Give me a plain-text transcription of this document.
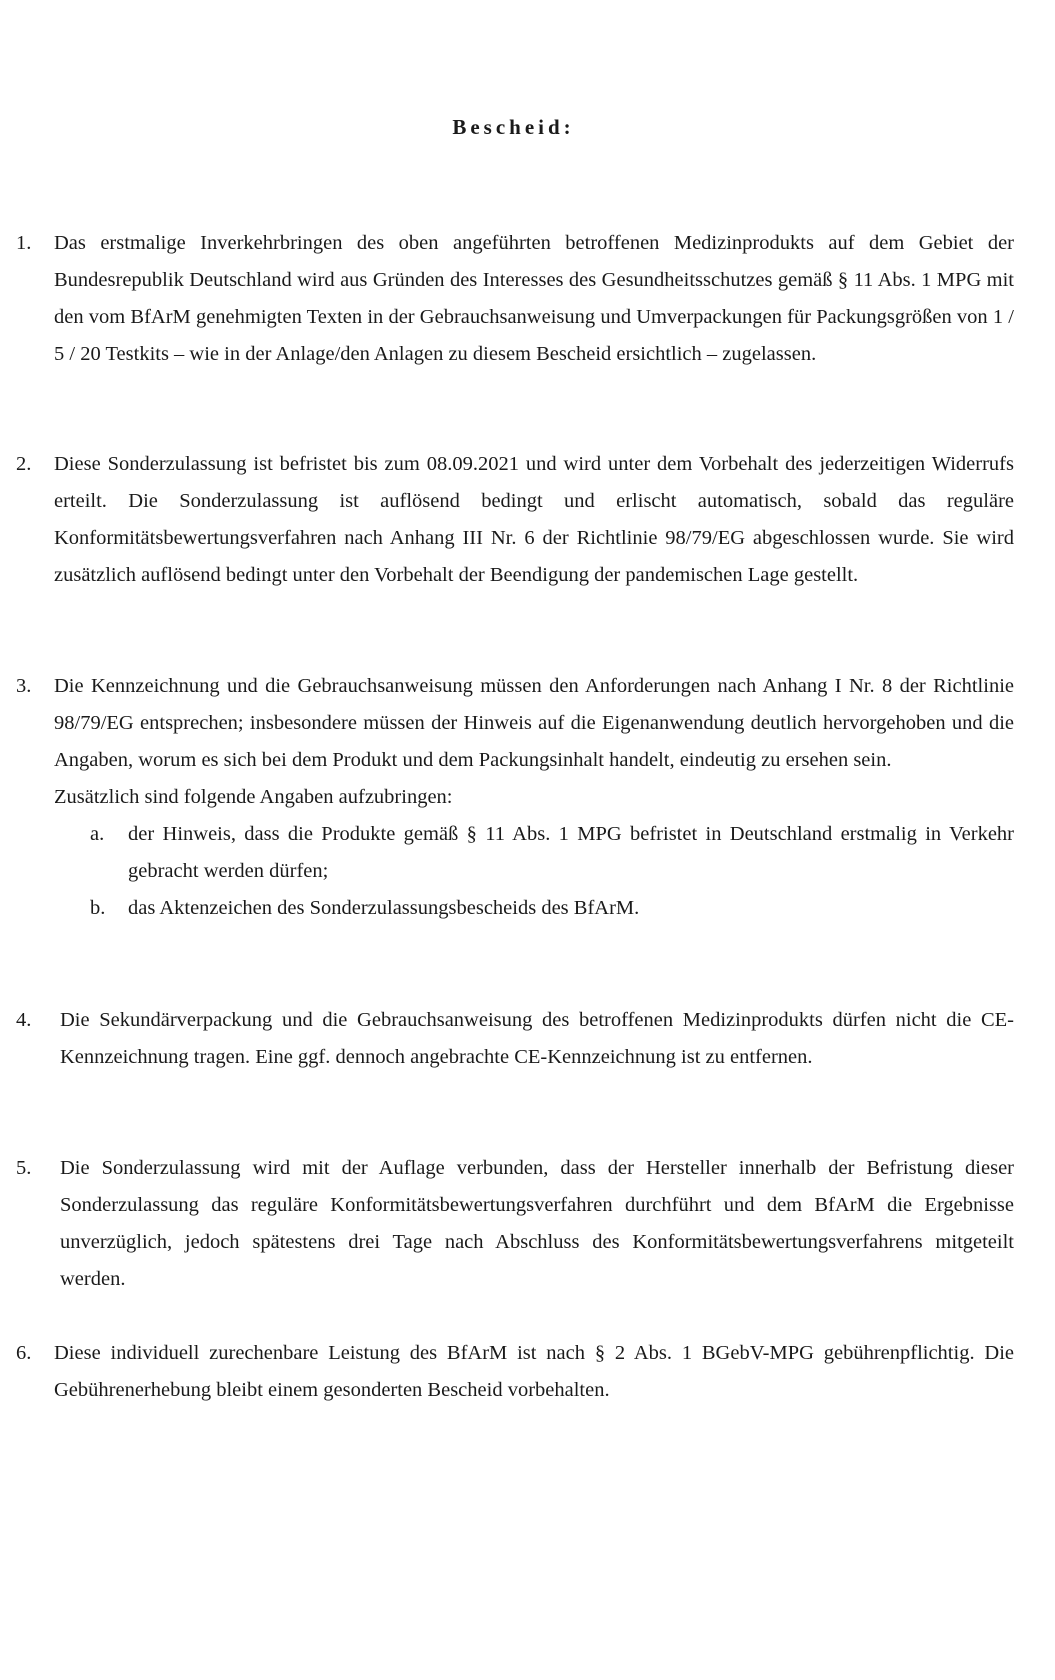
Bescheid:
1. Das erstmalige Inverkehrbringen des oben angeführten betroffenen Medizinprodukts auf dem Gebiet der Bundesrepublik Deutschland wird aus Gründen des Interesses des Gesundheitsschutzes gemäß § 11 Abs. 1 MPG mit den vom BfArM genehmigten Texten in der Gebrauchsanweisung und Umverpackungen für Packungsgrößen von 1 / 5 / 20 Testkits – wie in der Anlage/den Anlagen zu diesem Bescheid ersichtlich – zugelassen.
2. Diese Sonderzulassung ist befristet bis zum 08.09.2021 und wird unter dem Vorbehalt des jederzeitigen Widerrufs erteilt. Die Sonderzulassung ist auflösend bedingt und erlischt automatisch, sobald das reguläre Konformitätsbewertungsverfahren nach Anhang III Nr. 6 der Richtlinie 98/79/EG abgeschlossen wurde. Sie wird zusätzlich auflösend bedingt unter den Vorbehalt der Beendigung der pandemischen Lage gestellt.
3. Die Kennzeichnung und die Gebrauchsanweisung müssen den Anforderungen nach Anhang I Nr. 8 der Richtlinie 98/79/EG entsprechen; insbesondere müssen der Hinweis auf die Eigenanwendung deutlich hervorgehoben und die Angaben, worum es sich bei dem Produkt und dem Packungsinhalt handelt, eindeutig zu ersehen sein.
Zusätzlich sind folgende Angaben aufzubringen:
a. der Hinweis, dass die Produkte gemäß § 11 Abs. 1 MPG befristet in Deutschland erstmalig in Verkehr gebracht werden dürfen;
b. das Aktenzeichen des Sonderzulassungsbescheids des BfArM.
4. Die Sekundärverpackung und die Gebrauchsanweisung des betroffenen Medizinprodukts dürfen nicht die CE-Kennzeichnung tragen. Eine ggf. dennoch angebrachte CE-Kennzeichnung ist zu entfernen.
5. Die Sonderzulassung wird mit der Auflage verbunden, dass der Hersteller innerhalb der Befristung dieser Sonderzulassung das reguläre Konformitätsbewertungsverfahren durchführt und dem BfArM die Ergebnisse unverzüglich, jedoch spätestens drei Tage nach Abschluss des Konformitätsbewertungsverfahrens mitgeteilt werden.
6. Diese individuell zurechenbare Leistung des BfArM ist nach § 2 Abs. 1 BGebV-MPG gebührenpflichtig. Die Gebührenerhebung bleibt einem gesonderten Bescheid vorbehalten.
